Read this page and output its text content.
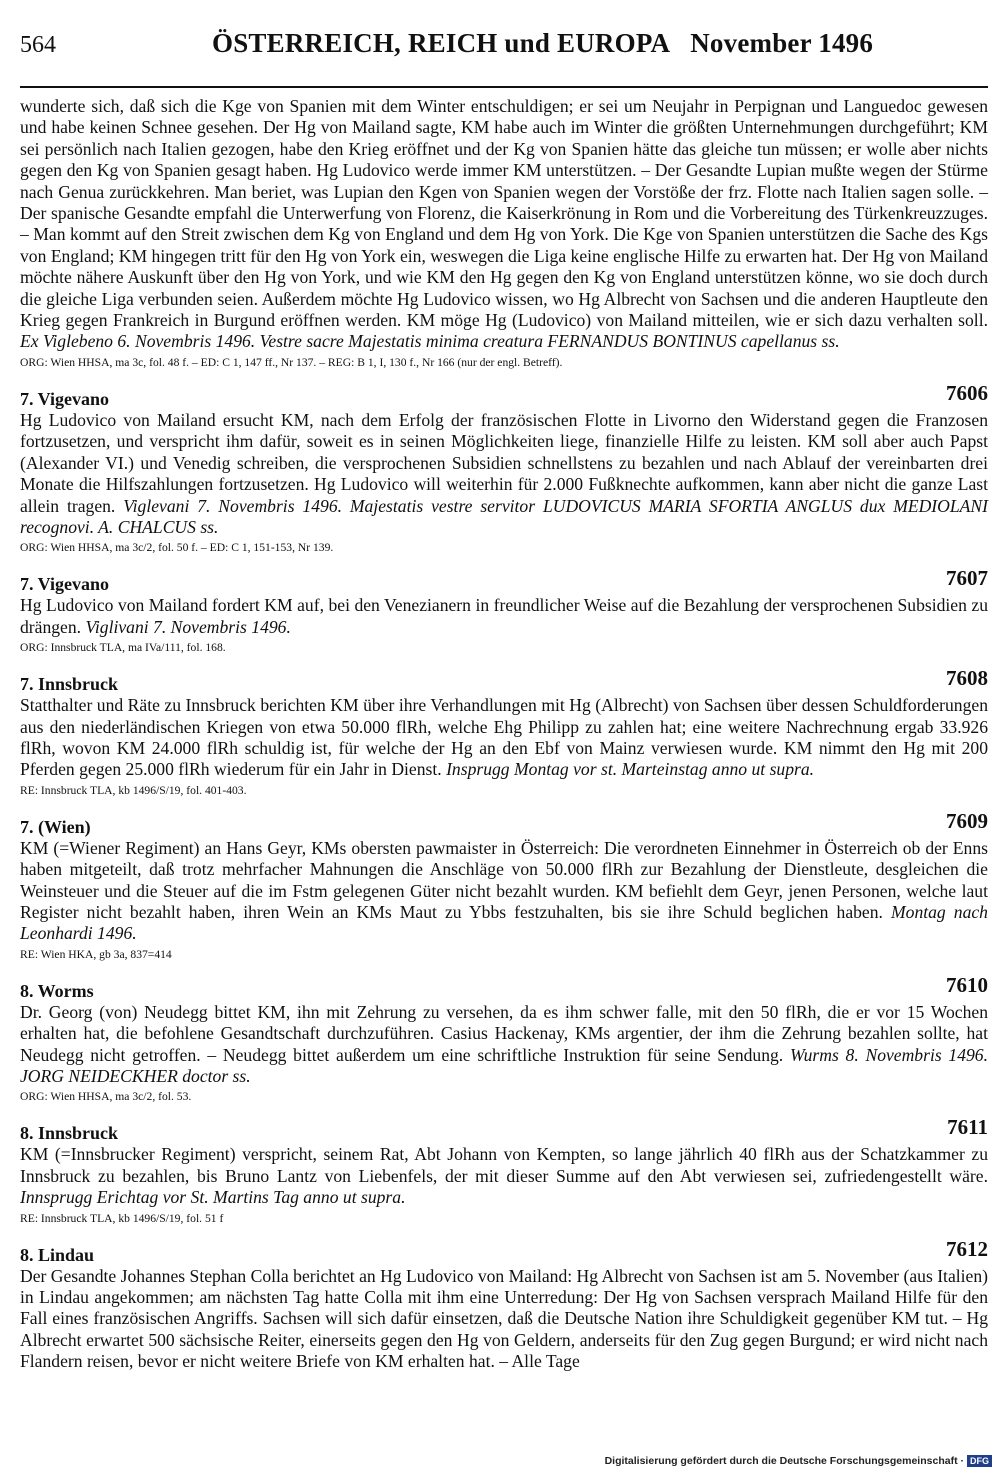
564	ÖSTERREICH, REICH und EUROPA November 1496

wunderte sich, daß sich die Kge von Spanien mit dem Winter entschuldigen; er sei um Neujahr in Perpignan und Languedoc gewesen und habe keinen Schnee gesehen. Der Hg von Mailand sagte, KM habe auch im Winter die größten Unternehmungen durchgeführt; KM sei persönlich nach Italien gezogen, habe den Krieg eröffnet und der Kg von Spanien hätte das gleiche tun müssen; er wolle aber nichts gegen den Kg von Spanien gesagt haben. Hg Ludovico werde immer KM unterstützen. – Der Gesandte Lupian mußte wegen der Stürme nach Genua zurückkehren. Man beriet, was Lupian den Kgen von Spanien wegen der Vorstöße der frz. Flotte nach Italien sagen solle. – Der spanische Gesandte empfahl die Unterwerfung von Florenz, die Kaiserkrönung in Rom und die Vorbereitung des Türkenkreuzzuges. – Man kommt auf den Streit zwischen dem Kg von England und dem Hg von York. Die Kge von Spanien unterstützen die Sache des Kgs von England; KM hingegen tritt für den Hg von York ein, weswegen die Liga keine englische Hilfe zu erwarten hat. Der Hg von Mailand möchte nähere Auskunft über den Hg von York, und wie KM den Hg gegen den Kg von England unterstützen könne, wo sie doch durch die gleiche Liga verbunden seien. Außerdem möchte Hg Ludovico wissen, wo Hg Albrecht von Sachsen und die anderen Hauptleute den Krieg gegen Frankreich in Burgund eröffnen werden. KM möge Hg (Ludovico) von Mailand mitteilen, wie er sich dazu verhalten soll. Ex Viglebeno 6. Novembris 1496. Vestre sacre Majestatis minima creatura FERNANDUS BONTINUS capellanus ss.

ORG: Wien HHSA, ma 3c, fol. 48 f. – ED: C 1, 147 ff., Nr 137. – REG: B 1, I, 130 f., Nr 166 (nur der engl. Betreff).

7. Vigevano	7606

Hg Ludovico von Mailand ersucht KM, nach dem Erfolg der französischen Flotte in Livorno den Widerstand gegen die Franzosen fortzusetzen, und verspricht ihm dafür, soweit es in seinen Möglichkeiten liege, finanzielle Hilfe zu leisten. KM soll aber auch Papst (Alexander VI.) und Venedig schreiben, die versprochenen Subsidien schnellstens zu bezahlen und nach Ablauf der vereinbarten drei Monate die Hilfszahlungen fortzusetzen. Hg Ludovico will weiterhin für 2.000 Fußknechte aufkommen, kann aber nicht die ganze Last allein tragen. Viglevani 7. Novembris 1496. Majestatis vestre servitor LUDOVICUS MARIA SFORTIA ANGLUS dux MEDIOLANI recognovi. A. CHALCUS ss.

ORG: Wien HHSA, ma 3c/2, fol. 50 f. – ED: C 1, 151-153, Nr 139.

7. Vigevano	7607

Hg Ludovico von Mailand fordert KM auf, bei den Venezianern in freundlicher Weise auf die Bezahlung der versprochenen Subsidien zu drängen. Viglivani 7. Novembris 1496.

ORG: Innsbruck TLA, ma IVa/111, fol. 168.

7. Innsbruck	7608

Statthalter und Räte zu Innsbruck berichten KM über ihre Verhandlungen mit Hg (Albrecht) von Sachsen über dessen Schuldforderungen aus den niederländischen Kriegen von etwa 50.000 flRh, welche Ehg Philipp zu zahlen hat; eine weitere Nachrechnung ergab 33.926 flRh, wovon KM 24.000 flRh schuldig ist, für welche der Hg an den Ebf von Mainz verwiesen wurde. KM nimmt den Hg mit 200 Pferden gegen 25.000 flRh wiederum für ein Jahr in Dienst. Insprugg Montag vor st. Marteinstag anno ut supra.

RE: Innsbruck TLA, kb 1496/S/19, fol. 401-403.

7. (Wien)	7609

KM (=Wiener Regiment) an Hans Geyr, KMs obersten pawmaister in Österreich: Die verordneten Einnehmer in Österreich ob der Enns haben mitgeteilt, daß trotz mehrfacher Mahnungen die Anschläge von 50.000 flRh zur Bezahlung der Dienstleute, desgleichen die Weinsteuer und die Steuer auf die im Fstm gelegenen Güter nicht bezahlt wurden. KM befiehlt dem Geyr, jenen Personen, welche laut Register nicht bezahlt haben, ihren Wein an KMs Maut zu Ybbs festzuhalten, bis sie ihre Schuld beglichen haben. Montag nach Leonhardi 1496.

RE: Wien HKA, gb 3a, 837=414

8. Worms	7610

Dr. Georg (von) Neudegg bittet KM, ihn mit Zehrung zu versehen, da es ihm schwer falle, mit den 50 flRh, die er vor 15 Wochen erhalten hat, die befohlene Gesandtschaft durchzuführen. Casius Hackenay, KMs argentier, der ihm die Zehrung bezahlen sollte, hat Neudegg nicht getroffen. – Neudegg bittet außerdem um eine schriftliche Instruktion für seine Sendung. Wurms 8. Novembris 1496. JORG NEIDECKHER doctor ss.

ORG: Wien HHSA, ma 3c/2, fol. 53.

8. Innsbruck	7611

KM (=Innsbrucker Regiment) verspricht, seinem Rat, Abt Johann von Kempten, so lange jährlich 40 flRh aus der Schatzkammer zu Innsbruck zu bezahlen, bis Bruno Lantz von Liebenfels, der mit dieser Summe auf den Abt verwiesen sei, zufriedengestellt wäre. Innsprugg Erichtag vor St. Martins Tag anno ut supra.

RE: Innsbruck TLA, kb 1496/S/19, fol. 51 f

8. Lindau	7612

Der Gesandte Johannes Stephan Colla berichtet an Hg Ludovico von Mailand: Hg Albrecht von Sachsen ist am 5. November (aus Italien) in Lindau angekommen; am nächsten Tag hatte Colla mit ihm eine Unterredung: Der Hg von Sachsen versprach Mailand Hilfe für den Fall eines französischen Angriffs. Sachsen will sich dafür einsetzen, daß die Deutsche Nation ihre Schuldigkeit gegenüber KM tut. – Hg Albrecht erwartet 500 sächsische Reiter, einerseits gegen den Hg von Geldern, anderseits für den Zug gegen Burgund; er wird nicht nach Flandern reisen, bevor er nicht weitere Briefe von KM erhalten hat. – Alle Tage

Digitalisierung gefördert durch die Deutsche Forschungsgemeinschaft · DFG
